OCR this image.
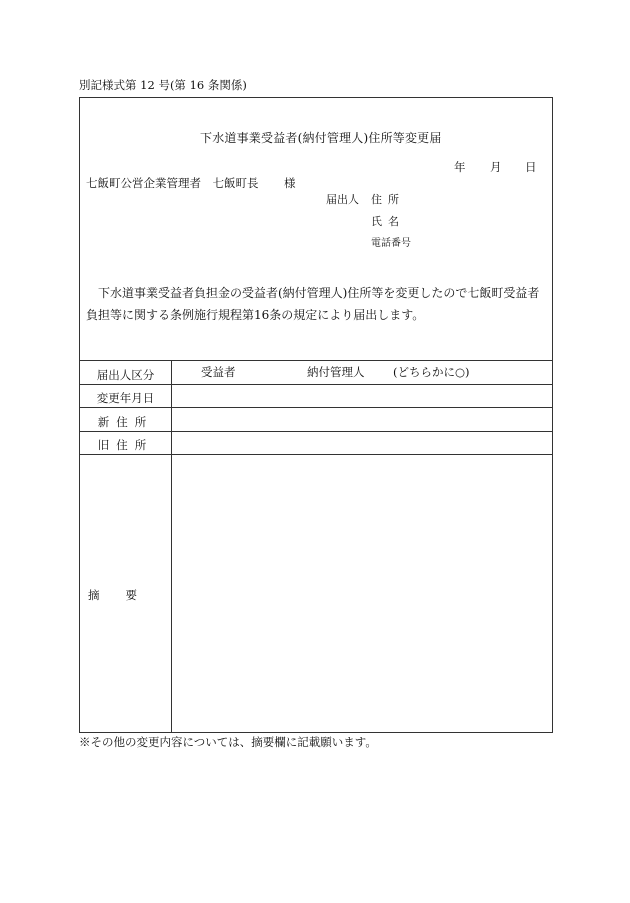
別記様式第 12 号(第 16 条関係)
下水道事業受益者(納付管理人)住所等変更届
年 月 日
七飯町公営企業管理者　七飯町長 様
届出人 住所
氏名
電話番号
下水道事業受益者負担金の受益者(納付管理人)住所等を変更したので七飯町受益者負担等に関する条例施行規程第16条の規定により届出します。
届出人区分
変更年月日
新住所
旧住所
摘要
受益者	納付管理人 (どちらかに○)
※その他の変更内容については、摘要欄に記載願います。
